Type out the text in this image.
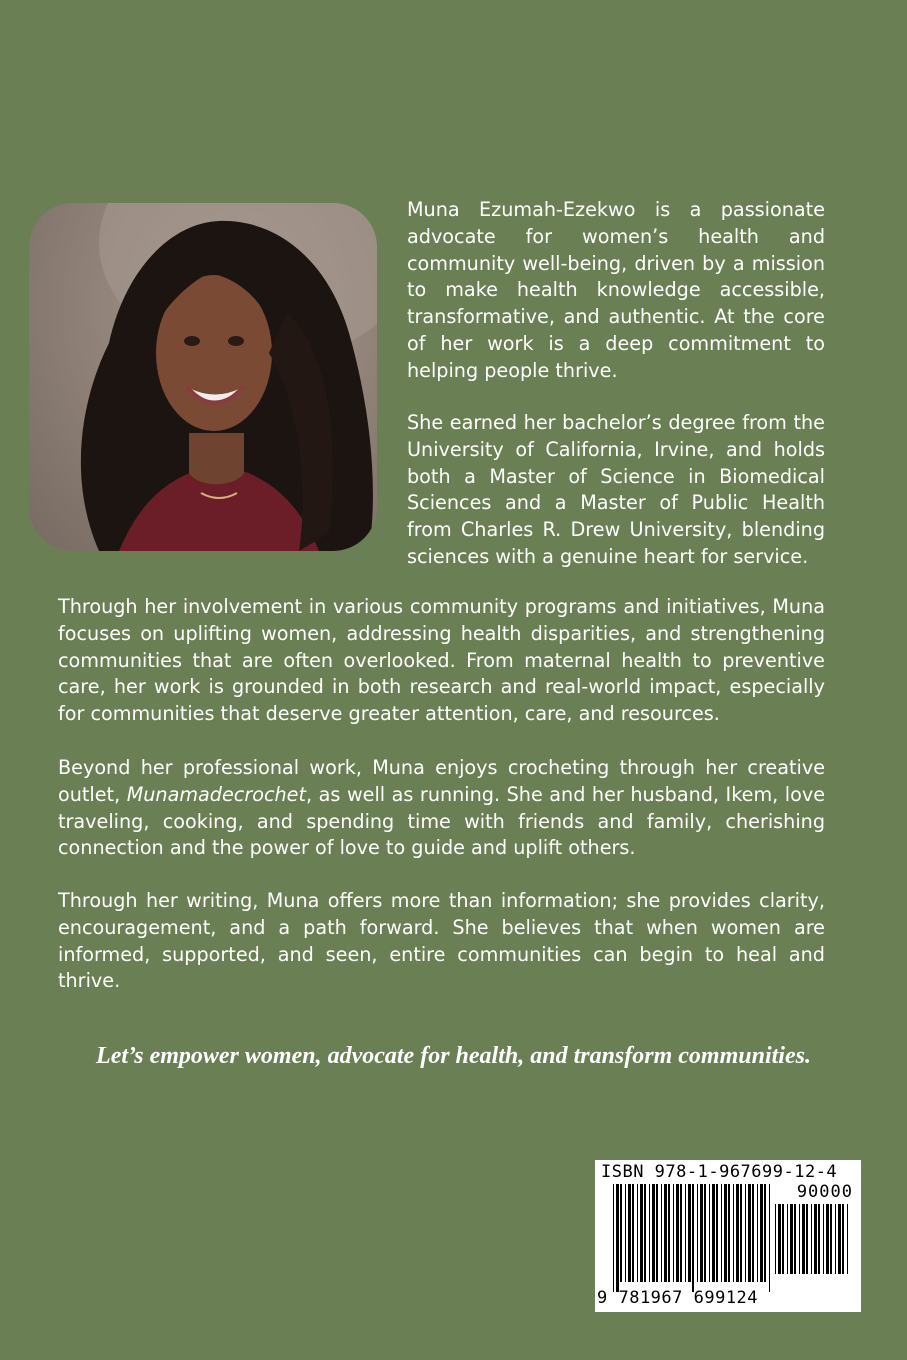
Muna Ezumah-Ezekwo is a passionate advocate for women’s health and community well-being, driven by a mission to make health knowledge accessible, transformative, and authentic. At the core of her work is a deep commitment to helping people thrive.

She earned her bachelor’s degree from the University of California, Irvine, and holds both a Master of Science in Biomedical Sciences and a Master of Public Health from Charles R. Drew University, blending sciences with a genuine heart for service.

Through her involvement in various community programs and initiatives, Muna focuses on uplifting women, addressing health disparities, and strengthening communities that are often overlooked. From maternal health to preventive care, her work is grounded in both research and real-world impact, especially for communities that deserve greater attention, care, and resources.

Beyond her professional work, Muna enjoys crocheting through her creative outlet, Munamadecrochet, as well as running. She and her husband, Ikem, love traveling, cooking, and spending time with friends and family, cherishing connection and the power of love to guide and uplift others.

Through her writing, Muna offers more than information; she provides clarity, encouragement, and a path forward. She believes that when women are informed, supported, and seen, entire communities can begin to heal and thrive.

Let’s empower women, advocate for health, and transform communities.

ISBN 978-1-967699-12-4
90000
9 781967 699124
